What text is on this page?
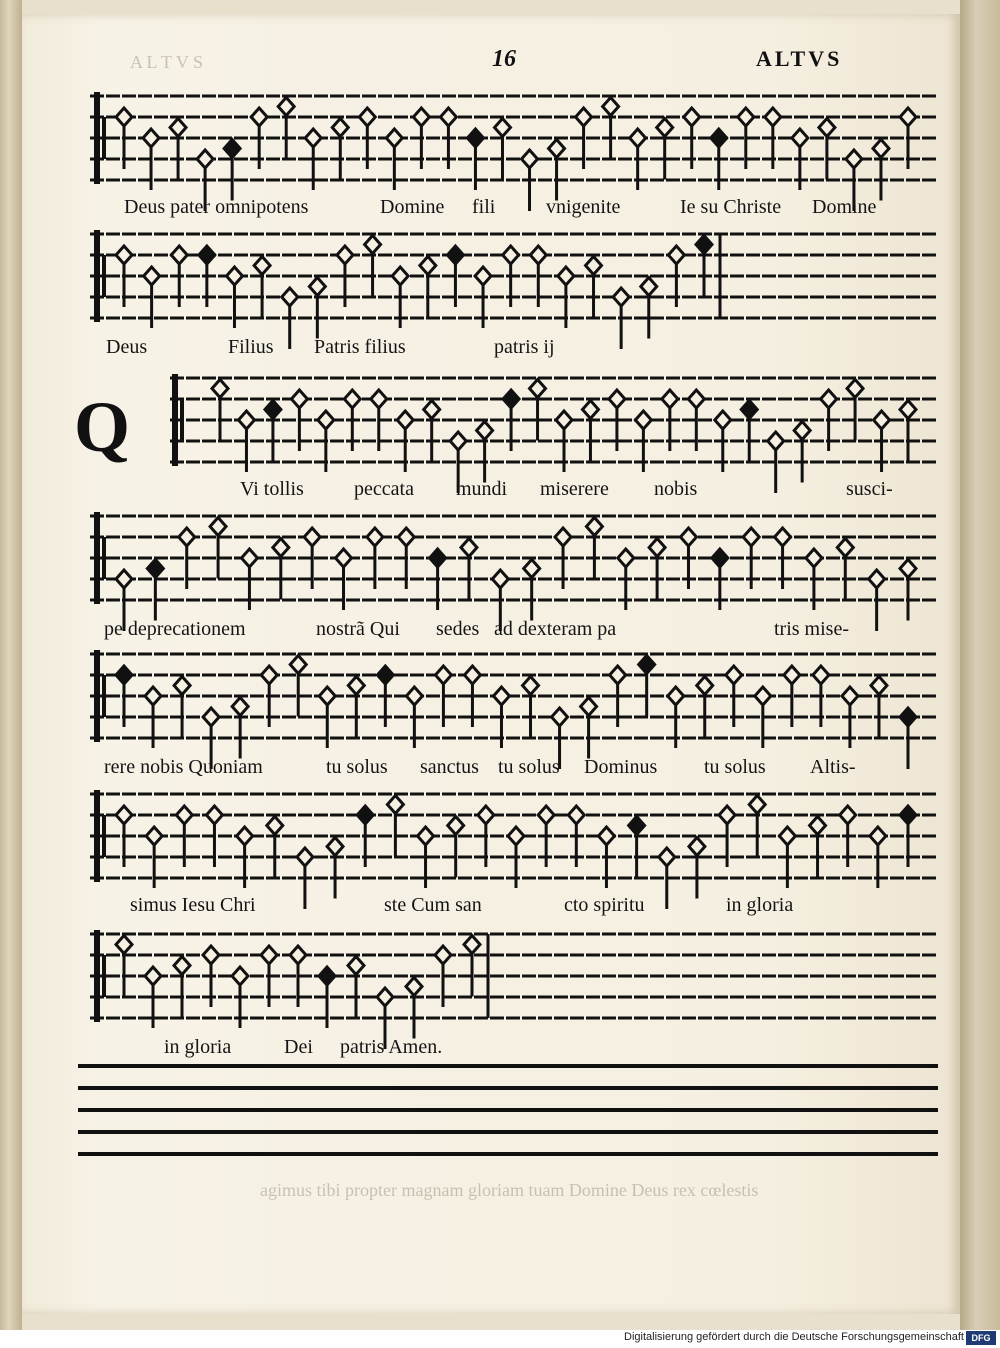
A L T V S
agimus tibi propter magnam gloriam tuam Domine Deus rex cœlestis
16	ALTVS
Q
Deus pater omnipotens	Domine fili	vnigenite	Ie su Christe Domine
Deus	Filius Patris filius	patris ij
Vi tollis	peccata mundi miserere nobis	susci-
pe deprecationem	nostrã Qui sedes ad dexteram pa	tris mise-
rere nobis Quoniam	tu solus sanctus tu solus Dominus tu solus Altis-
simus Iesu Chri	ste Cum san	cto spiritu	in gloria
in gloria	Dei patris Amen.
Digitalisierung gefördert durch die Deutsche Forschungsgemeinschaft DFG
